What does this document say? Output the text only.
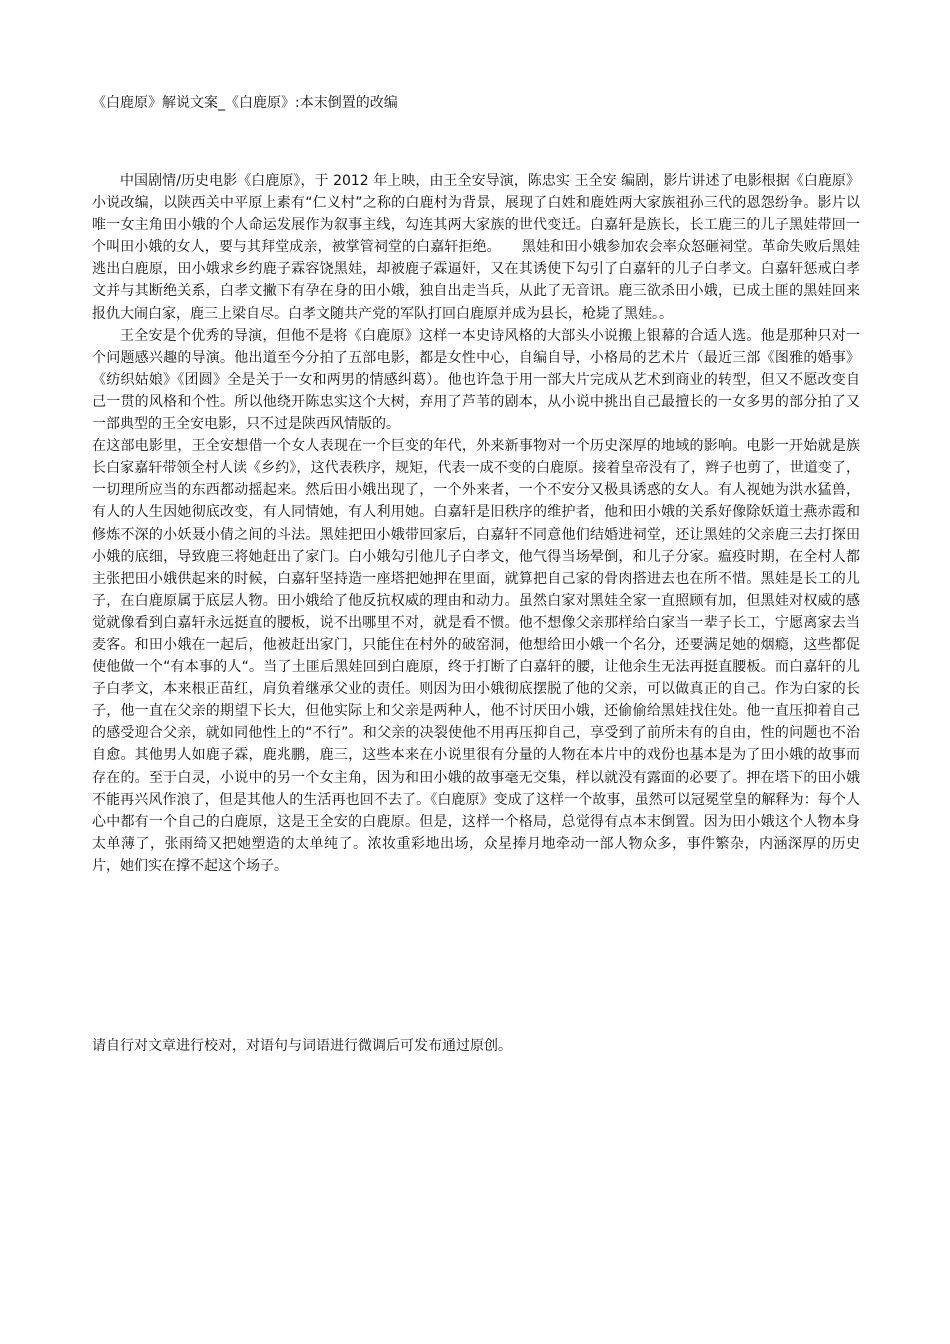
《白鹿原》解说文案_《白鹿原》:本末倒置的改编

中国剧情/历史电影《白鹿原》，于 2012 年上映，由王全安导演，陈忠实 王全安 编剧，影片讲述了电影根据《白鹿原》小说改编，以陕西关中平原上素有“仁义村”之称的白鹿村为背景，展现了白姓和鹿姓两大家族祖孙三代的恩怨纷争。影片以唯一女主角田小娥的个人命运发展作为叙事主线，勾连其两大家族的世代变迁。白嘉轩是族长，长工鹿三的儿子黑娃带回一个叫田小娥的女人，要与其拜堂成亲，被掌管祠堂的白嘉轩拒绝。　　黑娃和田小娥参加农会率众怒砸祠堂。革命失败后黑娃逃出白鹿原，田小娥求乡约鹿子霖容饶黑娃，却被鹿子霖逼奸，又在其诱使下勾引了白嘉轩的儿子白孝文。白嘉轩惩戒白孝文并与其断绝关系，白孝文撇下有孕在身的田小娥，独自出走当兵，从此了无音讯。鹿三欲杀田小娥，已成土匪的黑娃回来报仇大闹白家，鹿三上梁自尽。白孝文随共产党的军队打回白鹿原并成为县长，枪毙了黑娃。。

王全安是个优秀的导演，但他不是将《白鹿原》这样一本史诗风格的大部头小说搬上银幕的合适人选。他是那种只对一个问题感兴趣的导演。他出道至今分拍了五部电影，都是女性中心，自编自导，小格局的艺术片（最近三部《图雅的婚事》《纺织姑娘》《团圆》全是关于一女和两男的情感纠葛）。他也许急于用一部大片完成从艺术到商业的转型，但又不愿改变自己一贯的风格和个性。所以他绕开陈忠实这个大树，弃用了芦苇的剧本，从小说中挑出自己最擅长的一女多男的部分拍了又一部典型的王全安电影，只不过是陕西风情版的。

在这部电影里，王全安想借一个女人表现在一个巨变的年代，外来新事物对一个历史深厚的地域的影响。电影一开始就是族长白家嘉轩带领全村人读《乡约》，这代表秩序，规矩，代表一成不变的白鹿原。接着皇帝没有了，辫子也剪了，世道变了，一切理所应当的东西都动摇起来。然后田小娥出现了，一个外来者，一个不安分又极具诱惑的女人。有人视她为洪水猛兽，有人的人生因她彻底改变，有人同情她，有人利用她。白嘉轩是旧秩序的维护者，他和田小娥的关系好像除妖道士燕赤霞和修炼不深的小妖聂小倩之间的斗法。黑娃把田小娥带回家后，白嘉轩不同意他们结婚进祠堂，还让黑娃的父亲鹿三去打探田小娥的底细，导致鹿三将她赶出了家门。白小娥勾引他儿子白孝文，他气得当场晕倒，和儿子分家。瘟疫时期，在全村人都主张把田小娥供起来的时候，白嘉轩坚持造一座塔把她押在里面，就算把自己家的骨肉搭进去也在所不惜。黑娃是长工的儿子，在白鹿原属于底层人物。田小娥给了他反抗权威的理由和动力。虽然白家对黑娃全家一直照顾有加，但黑娃对权威的感觉就像看到白嘉轩永远挺直的腰板，说不出哪里不对，就是看不惯。他不想像父亲那样给白家当一辈子长工，宁愿离家去当麦客。和田小娥在一起后，他被赶出家门，只能住在村外的破窑洞，他想给田小娥一个名分，还要满足她的烟瘾，这些都促使他做一个“有本事的人“。当了土匪后黑娃回到白鹿原，终于打断了白嘉轩的腰，让他余生无法再挺直腰板。而白嘉轩的儿子白孝文，本来根正苗红，肩负着继承父业的责任。则因为田小娥彻底摆脱了他的父亲，可以做真正的自己。作为白家的长子，他一直在父亲的期望下长大，但他实际上和父亲是两种人，他不讨厌田小娥，还偷偷给黑娃找住处。他一直压抑着自己的感受迎合父亲，就如同他性上的“不行”。和父亲的决裂使他不用再压抑自己，享受到了前所未有的自由，性的问题也不治自愈。其他男人如鹿子霖，鹿兆鹏，鹿三，这些本来在小说里很有分量的人物在本片中的戏份也基本是为了田小娥的故事而存在的。至于白灵，小说中的另一个女主角，因为和田小娥的故事毫无交集，样以就没有露面的必要了。押在塔下的田小娥不能再兴风作浪了，但是其他人的生活再也回不去了。《白鹿原》变成了这样一个故事，虽然可以冠冕堂皇的解释为：每个人心中都有一个自己的白鹿原，这是王全安的白鹿原。但是，这样一个格局，总觉得有点本末倒置。因为田小娥这个人物本身太单薄了，张雨绮又把她塑造的太单纯了。浓妆重彩地出场，众星捧月地牵动一部人物众多，事件繁杂，内涵深厚的历史片，她们实在撑不起这个场子。

请自行对文章进行校对，对语句与词语进行微调后可发布通过原创。
